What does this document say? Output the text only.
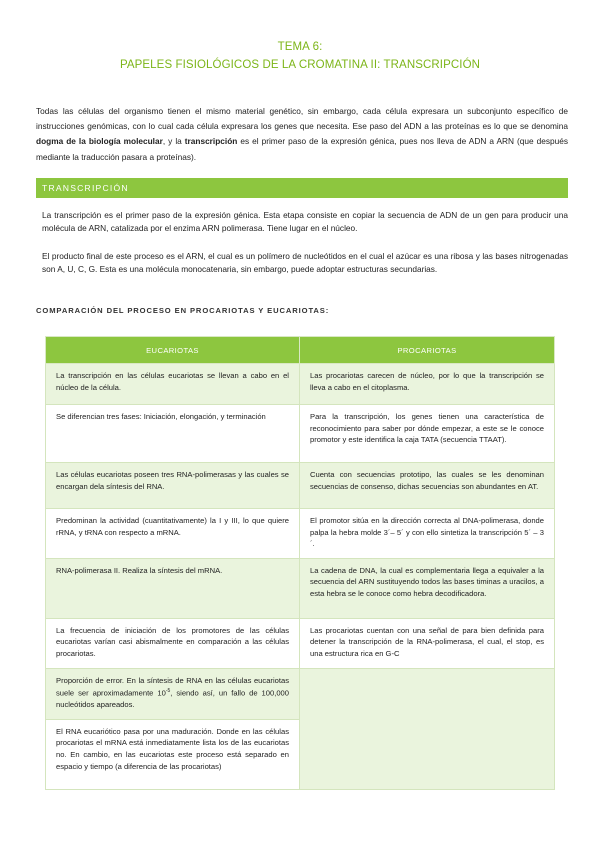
TEMA 6:
PAPELES FISIOLÓGICOS DE LA CROMATINA II: TRANSCRIPCIÓN
Todas las células del organismo tienen el mismo material genético, sin embargo, cada célula expresara un subconjunto específico de instrucciones genómicas, con lo cual cada célula expresara los genes que necesita. Ese paso del ADN a las proteínas es lo que se denomina dogma de la biología molecular, y la transcripción es el primer paso de la expresión génica, pues nos lleva de ADN a ARN (que después mediante la traducción pasara a proteínas).
TRANSCRIPCIÓN
La transcripción es el primer paso de la expresión génica. Esta etapa consiste en copiar la secuencia de ADN de un gen para producir una molécula de ARN, catalizada por el enzima ARN polimerasa. Tiene lugar en el núcleo.
El producto final de este proceso es el ARN, el cual es un polímero de nucleótidos en el cual el azúcar es una ribosa y las bases nitrogenadas son A, U, C, G. Esta es una molécula monocatenaria, sin embargo, puede adoptar estructuras secundarias.
COMPARACIÓN DEL PROCESO EN PROCARIOTAS Y EUCARIOTAS:
EUCARIOTAS	PROCARIOTAS
La transcripción en las células eucariotas se llevan a cabo en el núcleo de la célula.	Las procariotas carecen de núcleo, por lo que la transcripción se lleva a cabo en el citoplasma.
Se diferencian tres fases: Iniciación, elongación, y terminación	Para la transcripción, los genes tienen una característica de reconocimiento para saber por dónde empezar, a este se le conoce promotor y este identifica la caja TATA (secuencia TTAAT).
Las células eucariotas poseen tres RNA-polimerasas y las cuales se encargan dela síntesis del RNA.	Cuenta con secuencias prototipo, las cuales se les denominan secuencias de consenso, dichas secuencias son abundantes en AT.
Predominan la actividad (cuantitativamente) la I y III, lo que quiere rRNA, y tRNA con respecto a mRNA.	El promotor sitúa en la dirección correcta al DNA-polimerasa, donde palpa la hebra molde 3´– 5´ y con ello sintetiza la transcripción 5´ – 3´.
RNA-polimerasa II. Realiza la síntesis del mRNA.	La cadena de DNA, la cual es complementaria llega a equivaler a la secuencia del ARN sustituyendo todos las bases timinas a uracilos, a esta hebra se le conoce como hebra decodificadora.
La frecuencia de iniciación de los promotores de las células eucariotas varían casi abismalmente en comparación a las células procariotas.	Las procariotas cuentan con una señal de para bien definida para detener la transcripción de la RNA-polimerasa, el cual, el stop, es una estructura rica en G-C
Proporción de error. En la síntesis de RNA en las células eucariotas suele ser aproximadamente $10^{-5}$, siendo así, un fallo de 100,000 nucleótidos apareados.	
El RNA eucariótico pasa por una maduración. Donde en las células procariotas el mRNA está inmediatamente lista los de las eucariotas no. En cambio, en las eucariotas este proceso está separado en espacio y tiempo (a diferencia de las procariotas)	
